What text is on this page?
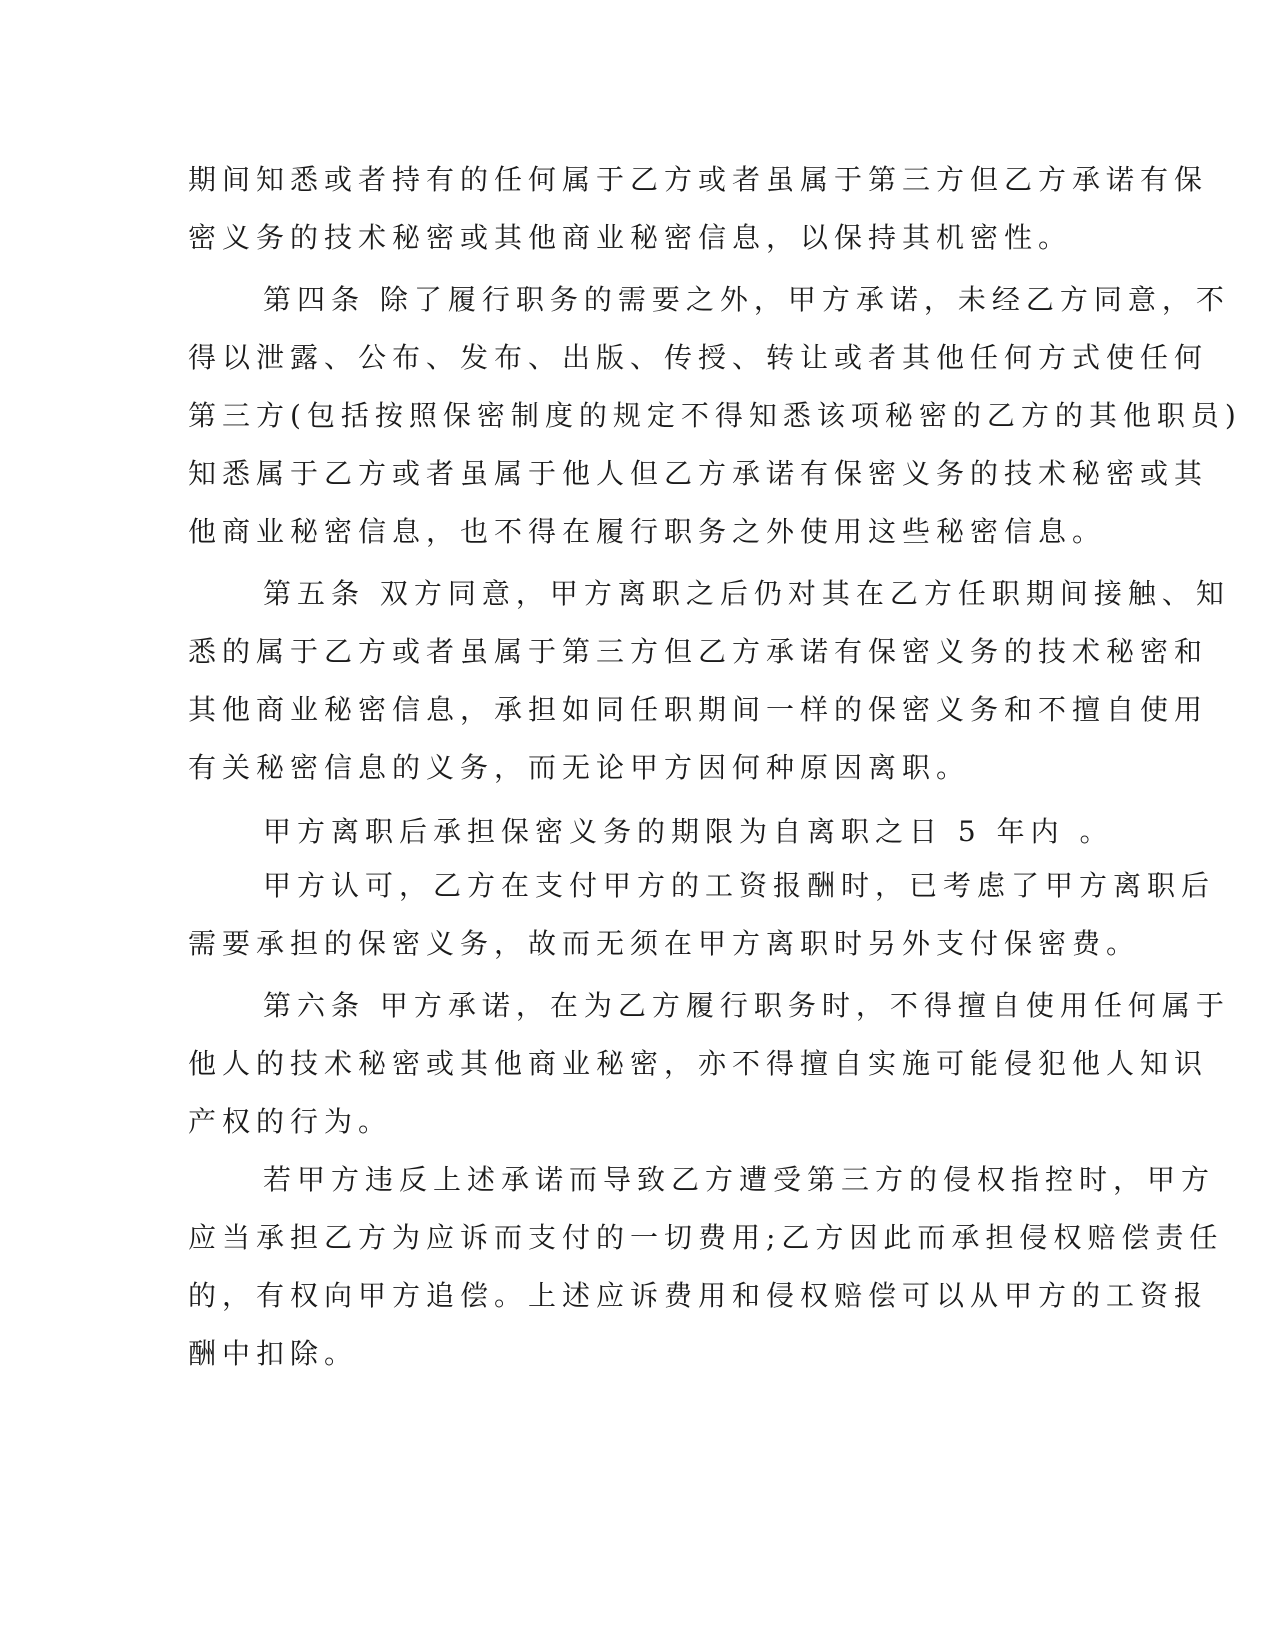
期间知悉或者持有的任何属于乙方或者虽属于第三方但乙方承诺有保
密义务的技术秘密或其他商业秘密信息，以保持其机密性。
第四条 除了履行职务的需要之外，甲方承诺，未经乙方同意，不
得以泄露、公布、发布、出版、传授、转让或者其他任何方式使任何
第三方(包括按照保密制度的规定不得知悉该项秘密的乙方的其他职员)
知悉属于乙方或者虽属于他人但乙方承诺有保密义务的技术秘密或其
他商业秘密信息，也不得在履行职务之外使用这些秘密信息。
第五条 双方同意，甲方离职之后仍对其在乙方任职期间接触、知
悉的属于乙方或者虽属于第三方但乙方承诺有保密义务的技术秘密和
其他商业秘密信息，承担如同任职期间一样的保密义务和不擅自使用
有关秘密信息的义务，而无论甲方因何种原因离职。
甲方离职后承担保密义务的期限为自离职之日 5 年内 。
甲方认可，乙方在支付甲方的工资报酬时，已考虑了甲方离职后
需要承担的保密义务，故而无须在甲方离职时另外支付保密费。
第六条 甲方承诺，在为乙方履行职务时，不得擅自使用任何属于
他人的技术秘密或其他商业秘密，亦不得擅自实施可能侵犯他人知识
产权的行为。
若甲方违反上述承诺而导致乙方遭受第三方的侵权指控时，甲方
应当承担乙方为应诉而支付的一切费用;乙方因此而承担侵权赔偿责任
的，有权向甲方追偿。上述应诉费用和侵权赔偿可以从甲方的工资报
酬中扣除。
